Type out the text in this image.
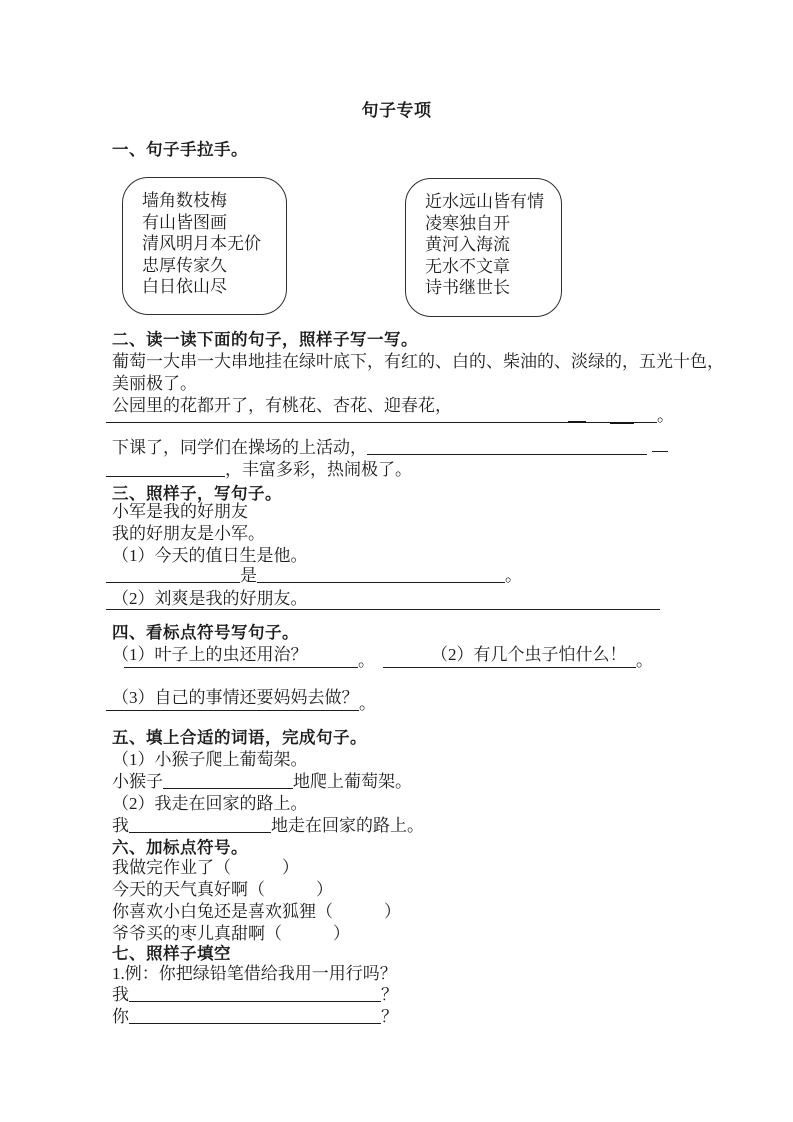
句子专项
一、句子手拉手。
墙角数枝梅
有山皆图画
清风明月本无价
忠厚传家久
白日依山尽
近水远山皆有情
凌寒独自开
黄河入海流
无水不文章
诗书继世长
二、读一读下面的句子，照样子写一写。
葡萄一大串一大串地挂在绿叶底下，有红的、白的、柴油的、淡绿的，五光十色，
美丽极了。
公园里的花都开了，有桃花、杏花、迎春花，
。
下课了，同学们在操场的上活动，
，丰富多彩，热闹极了。
三、照样子，写句子。
小军是我的好朋友
我的好朋友是小军。
（1）今天的值日生是他。
是	。
（2）刘爽是我的好朋友。
四、看标点符号写句子。
（1）叶子上的虫还用治？	（2）有几个虫子怕什么！
。	。
（3）自己的事情还要妈妈去做？ 。
五、填上合适的词语，完成句子。
（1）小猴子爬上葡萄架。
小猴子	地爬上葡萄架。
（2）我走在回家的路上。
我	地走在回家的路上。
六、加标点符号。
我做完作业了（　　　）
今天的天气真好啊（　　　）
你喜欢小白兔还是喜欢狐狸（　　　）
爷爷买的枣儿真甜啊（　　　）
七、照样子填空
1.例：你把绿铅笔借给我用一用行吗？
我	？
你	？
